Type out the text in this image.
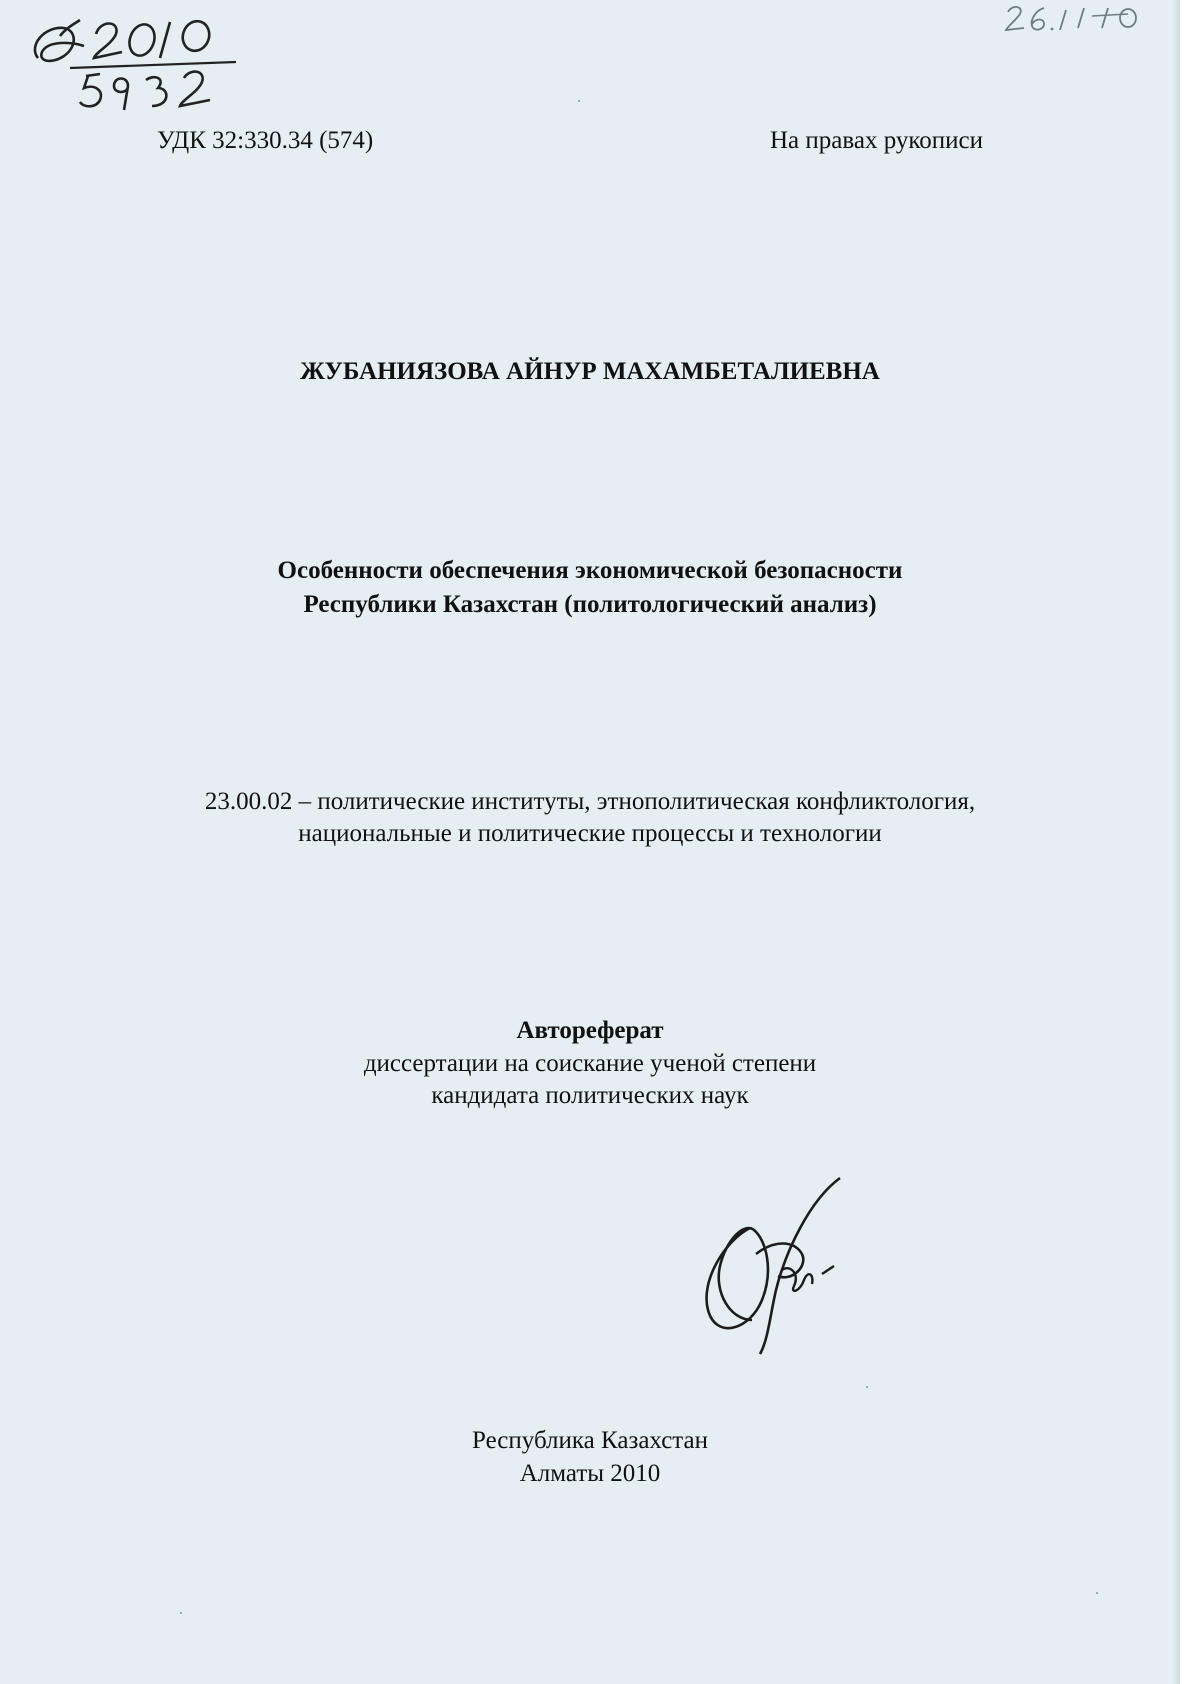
УДК 32:330.34 (574)	На правах рукописи
ЖУБАНИЯЗОВА АЙНУР МАХАМБЕТАЛИЕВНА
Особенности обеспечения экономической безопасности
Республики Казахстан (политологический анализ)
23.00.02 – политические институты, этнополитическая конфликтология,
национальные и политические процессы и технологии
Автореферат
диссертации на соискание ученой степени
кандидата политических наук
Республика Казахстан
Алматы 2010
